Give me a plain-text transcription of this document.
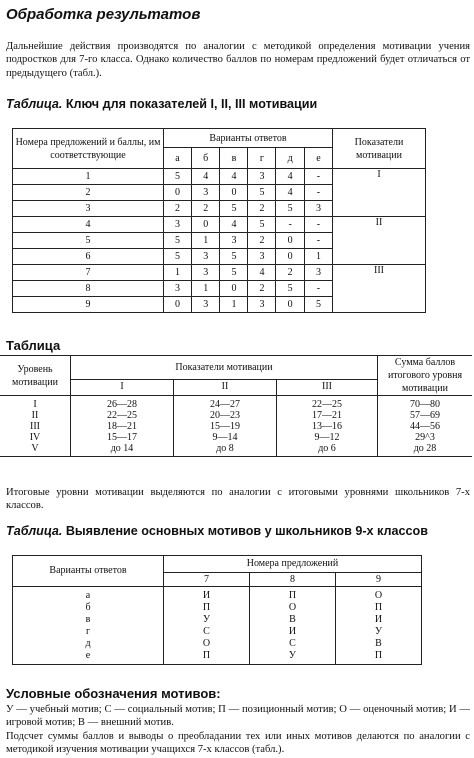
Обработка результатов
Дальнейшие действия производятся по аналогии с методикой определения мотивации учения подростков для 7-го класса. Однако количество баллов по номерам предложений будет отличаться от предыдущего (табл.).
Таблица. Ключ для показателей I, II, III мотивации
Номера предложений и баллы, им соответствующие	Варианты ответов						Показатели мотивации
	а	б	в	г	д	е	
1	5	4	4	3	4	-	I
2	0	3	0	5	4	-	
3	2	2	5	2	5	3	
4	3	0	4	5	-	-	II
5	5	1	3	2	0	-	
6	5	3	5	3	0	1	
7	1	3	5	4	2	3	III
8	3	1	0	2	5	-	
9	0	3	1	3	0	5	
Таблица
Уровень мотивации	Показатели мотивации			Сумма баллов итогового уровня мотивации
	I	II	III	
I	26—28	24—27	22—25	70—80
II	22—25	20—23	17—21	57—69
III	18—21	15—19	13—16	44—56
IV	15—17	9—14	9—12	29^3
V	до 14	до 8	до 6	до 28
Итоговые уровни мотивации выделяются по аналогии с итоговыми уровнями школьников 7-х классов.
Таблица. Выявление основных мотивов у школьников 9-х классов
Варианты ответов	Номера предложений		
	7	8	9
а	И	П	О
б	П	О	П
в	У	В	И
г	С	И	У
д	О	С	В
е	П	У	П
Условные обозначения мотивов:
У — учебный мотив; С — социальный мотив; П — позиционный мотив; О — оценочный мотив; И — игровой мотив; В — внешний мотив.
Подсчет суммы баллов и выводы о преобладании тех или иных мотивов делаются по аналогии с методикой изучения мотивации учащихся 7-х классов (табл.).
